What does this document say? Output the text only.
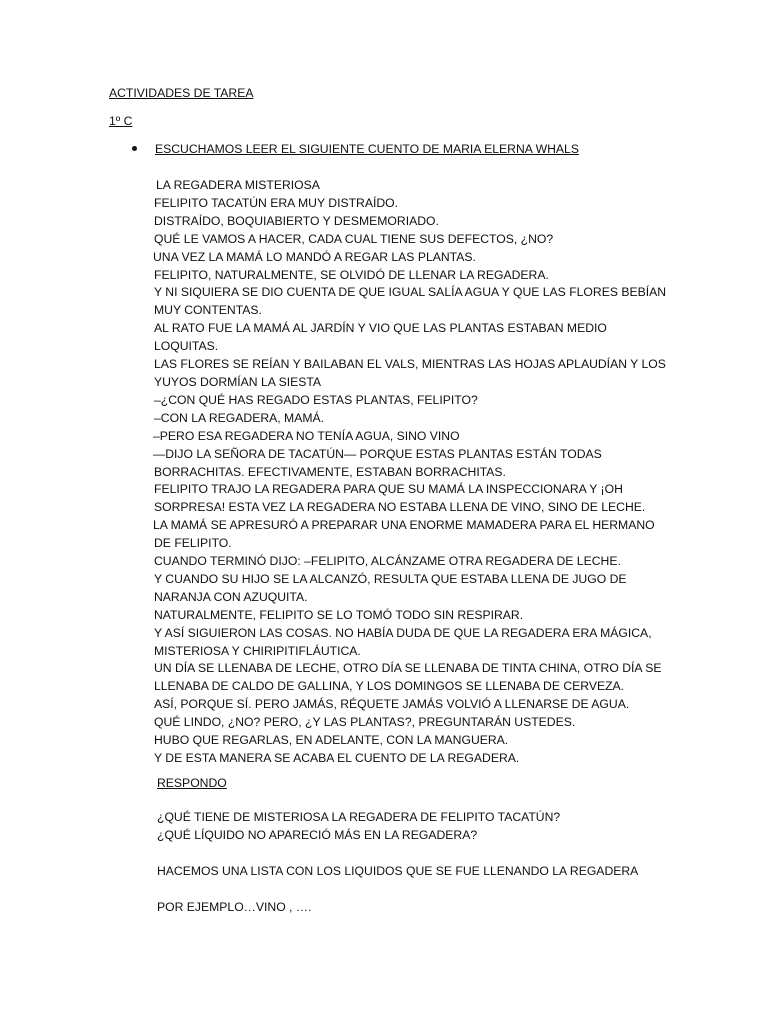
ACTIVIDADES DE TAREA
1º C
ESCUCHAMOS LEER EL SIGUIENTE CUENTO DE MARIA ELERNA WHALS
LA REGADERA MISTERIOSA
FELIPITO TACATÚN ERA MUY DISTRAÍDO.
DISTRAÍDO, BOQUIABIERTO Y DESMEMORIADO.
QUÉ LE VAMOS A HACER, CADA CUAL TIENE SUS DEFECTOS, ¿NO?
UNA VEZ LA MAMÁ LO MANDÓ A REGAR LAS PLANTAS.
FELIPITO, NATURALMENTE, SE OLVIDÓ DE LLENAR LA REGADERA.
Y NI SIQUIERA SE DIO CUENTA DE QUE IGUAL SALÍA AGUA Y QUE LAS FLORES BEBÍAN
MUY CONTENTAS.
AL RATO FUE LA MAMÁ AL JARDÍN Y VIO QUE LAS PLANTAS ESTABAN MEDIO
LOQUITAS.
LAS FLORES SE REÍAN Y BAILABAN EL VALS, MIENTRAS LAS HOJAS APLAUDÍAN Y LOS
YUYOS DORMÍAN LA SIESTA
–¿CON QUÉ HAS REGADO ESTAS PLANTAS, FELIPITO?
–CON LA REGADERA, MAMÁ.
–PERO ESA REGADERA NO TENÍA AGUA, SINO VINO
—DIJO LA SEÑORA DE TACATÚN— PORQUE ESTAS PLANTAS ESTÁN TODAS
BORRACHITAS. EFECTIVAMENTE, ESTABAN BORRACHITAS.
FELIPITO TRAJO LA REGADERA PARA QUE SU MAMÁ LA INSPECCIONARA Y ¡OH
SORPRESA! ESTA VEZ LA REGADERA NO ESTABA LLENA DE VINO, SINO DE LECHE.
LA MAMÁ SE APRESURÓ A PREPARAR UNA ENORME MAMADERA PARA EL HERMANO
DE FELIPITO.
CUANDO TERMINÓ DIJO: –FELIPITO, ALCÁNZAME OTRA REGADERA DE LECHE.
Y CUANDO SU HIJO SE LA ALCANZÓ, RESULTA QUE ESTABA LLENA DE JUGO DE
NARANJA CON AZUQUITA.
NATURALMENTE, FELIPITO SE LO TOMÓ TODO SIN RESPIRAR.
Y ASÍ SIGUIERON LAS COSAS. NO HABÍA DUDA DE QUE LA REGADERA ERA MÁGICA,
MISTERIOSA Y CHIRIPITIFLÁUTICA.
UN DÍA SE LLENABA DE LECHE, OTRO DÍA SE LLENABA DE TINTA CHINA, OTRO DÍA SE
LLENABA DE CALDO DE GALLINA, Y LOS DOMINGOS SE LLENABA DE CERVEZA.
ASÍ, PORQUE SÍ. PERO JAMÁS, RÉQUETE JAMÁS VOLVIÓ A LLENARSE DE AGUA.
QUÉ LINDO, ¿NO? PERO, ¿Y LAS PLANTAS?, PREGUNTARÁN USTEDES.
HUBO QUE REGARLAS, EN ADELANTE, CON LA MANGUERA.
Y DE ESTA MANERA SE ACABA EL CUENTO DE LA REGADERA.
RESPONDO
¿QUÉ TIENE DE MISTERIOSA LA REGADERA DE FELIPITO TACATÚN?
¿QUÉ LÍQUIDO NO APARECIÓ MÁS EN LA REGADERA?
HACEMOS UNA LISTA CON LOS LIQUIDOS QUE SE FUE LLENANDO LA REGADERA
POR EJEMPLO…VINO , ….
